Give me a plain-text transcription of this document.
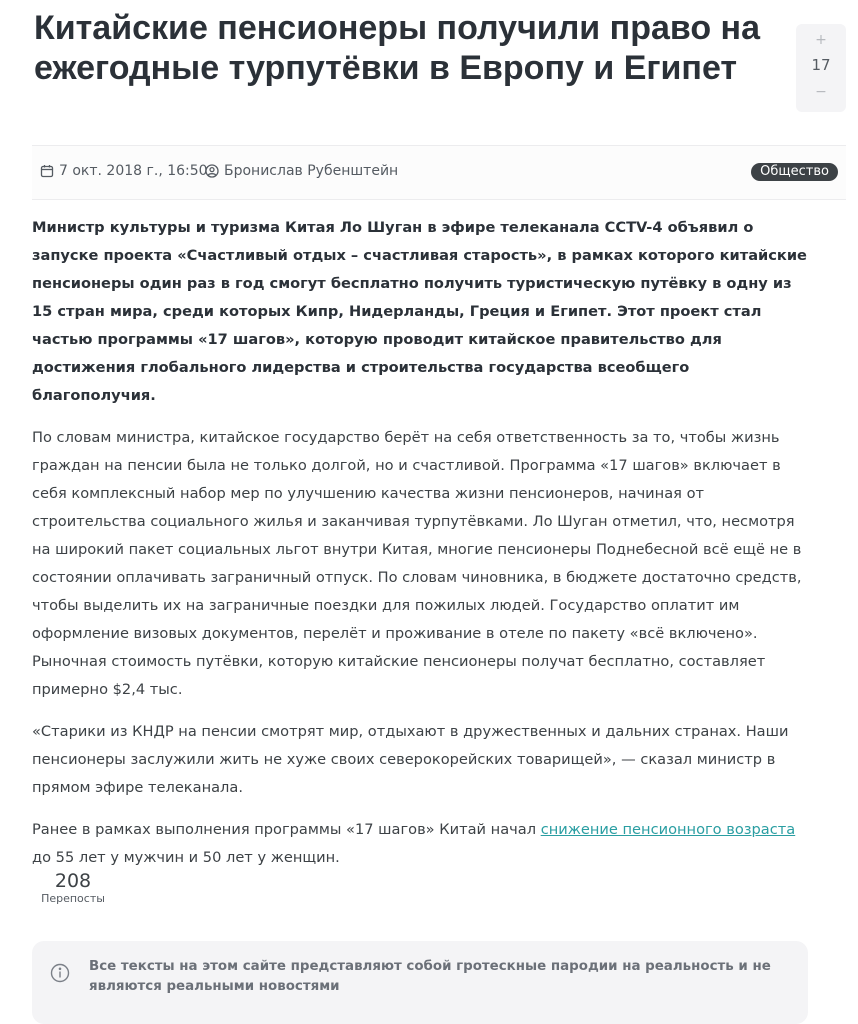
Китайские пенсионеры получили право на ежегодные турпутёвки в Европу и Египет
+
17
−
7 окт. 2018 г., 16:50 Бронислав Рубенштейн	Общество

Министр культуры и туризма Китая Ло Шуган в эфире телеканала CCTV-4 объявил о запуске проекта «Счастливый отдых – счастливая старость», в рамках которого китайские пенсионеры один раз в год смогут бесплатно получить туристическую путёвку в одну из 15 стран мира, среди которых Кипр, Нидерланды, Греция и Египет. Этот проект стал частью программы «17 шагов», которую проводит китайское правительство для достижения глобального лидерства и строительства государства всеобщего благополучия.

По словам министра, китайское государство берёт на себя ответственность за то, чтобы жизнь граждан на пенсии была не только долгой, но и счастливой. Программа «17 шагов» включает в себя комплексный набор мер по улучшению качества жизни пенсионеров, начиная от строительства социального жилья и заканчивая турпутёвками. Ло Шуган отметил, что, несмотря на широкий пакет социальных льгот внутри Китая, многие пенсионеры Поднебесной всё ещё не в состоянии оплачивать заграничный отпуск. По словам чиновника, в бюджете достаточно средств, чтобы выделить их на заграничные поездки для пожилых людей. Государство оплатит им оформление визовых документов, перелёт и проживание в отеле по пакету «всё включено». Рыночная стоимость путёвки, которую китайские пенсионеры получат бесплатно, составляет примерно $2,4 тыс.

«Старики из КНДР на пенсии смотрят мир, отдыхают в дружественных и дальних странах. Наши пенсионеры заслужили жить не хуже своих северокорейских товарищей», — сказал министр в прямом эфире телеканала.

Ранее в рамках выполнения программы «17 шагов» Китай начал снижение пенсионного возраста до 55 лет у мужчин и 50 лет у женщин.

208
Перепосты
Все тексты на этом сайте представляют собой гротескные пародии на реальность и не являются реальными новостями
